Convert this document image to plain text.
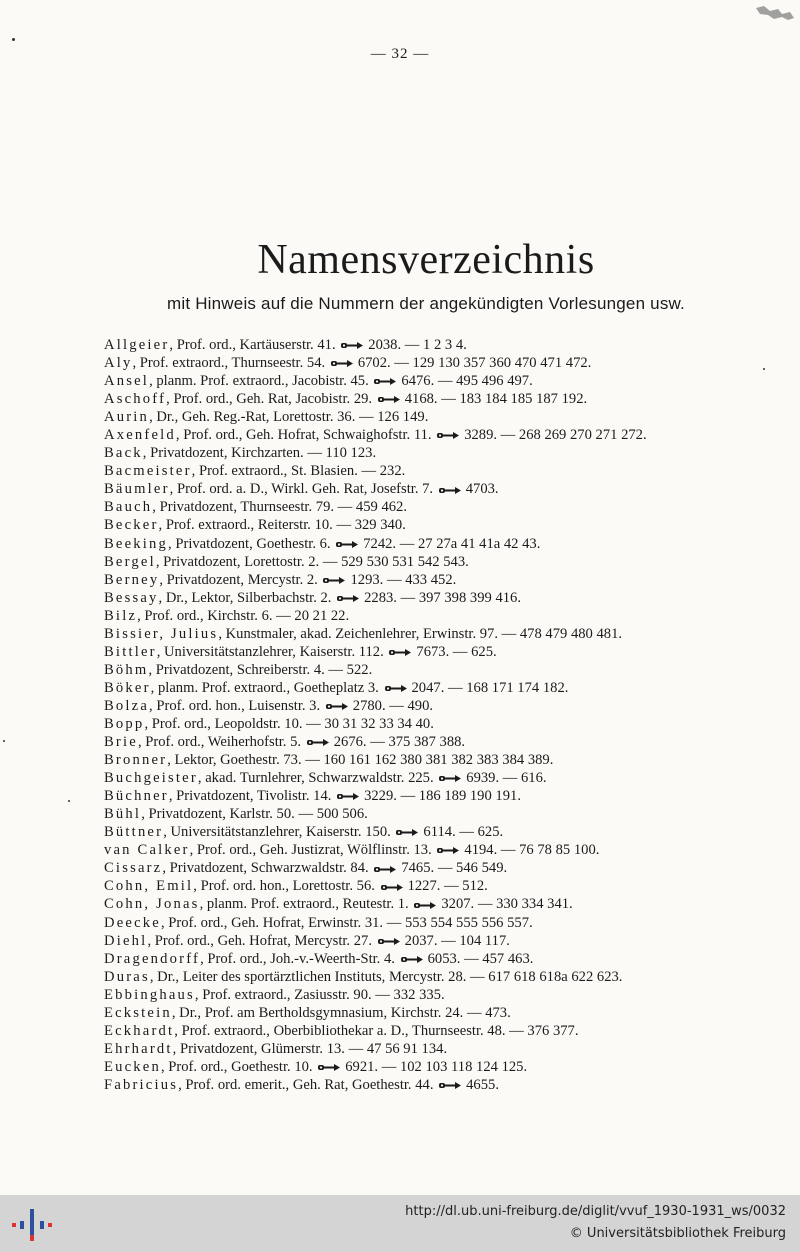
— 32 —
Namensverzeichnis
mit Hinweis auf die Nummern der angekündigten Vorlesungen usw.
Allgeier, Prof. ord., Kartäuserstr. 41. 2038. — 1 2 3 4.
Aly, Prof. extraord., Thurnseestr. 54. 6702. — 129 130 357 360 470 471 472.
Ansel, planm. Prof. extraord., Jacobistr. 45. 6476. — 495 496 497.
Aschoff, Prof. ord., Geh. Rat, Jacobistr. 29. 4168. — 183 184 185 187 192.
Aurin, Dr., Geh. Reg.-Rat, Lorettostr. 36. — 126 149.
Axenfeld, Prof. ord., Geh. Hofrat, Schwaighofstr. 11. 3289. — 268 269 270 271 272.
Back, Privatdozent, Kirchzarten. — 110 123.
Bacmeister, Prof. extraord., St. Blasien. — 232.
Bäumler, Prof. ord. a. D., Wirkl. Geh. Rat, Josefstr. 7. 4703.
Bauch, Privatdozent, Thurnseestr. 79. — 459 462.
Becker, Prof. extraord., Reiterstr. 10. — 329 340.
Beeking, Privatdozent, Goethestr. 6. 7242. — 27 27a 41 41a 42 43.
Bergel, Privatdozent, Lorettostr. 2. — 529 530 531 542 543.
Berney, Privatdozent, Mercystr. 2. 1293. — 433 452.
Bessay, Dr., Lektor, Silberbachstr. 2. 2283. — 397 398 399 416.
Bilz, Prof. ord., Kirchstr. 6. — 20 21 22.
Bissier, Julius, Kunstmaler, akad. Zeichenlehrer, Erwinstr. 97. — 478 479 480 481.
Bittler, Universitätstanzlehrer, Kaiserstr. 112. 7673. — 625.
Böhm, Privatdozent, Schreiberstr. 4. — 522.
Böker, planm. Prof. extraord., Goetheplatz 3. 2047. — 168 171 174 182.
Bolza, Prof. ord. hon., Luisenstr. 3. 2780. — 490.
Bopp, Prof. ord., Leopoldstr. 10. — 30 31 32 33 34 40.
Brie, Prof. ord., Weiherhofstr. 5. 2676. — 375 387 388.
Bronner, Lektor, Goethestr. 73. — 160 161 162 380 381 382 383 384 389.
Buchgeister, akad. Turnlehrer, Schwarzwaldstr. 225. 6939. — 616.
Büchner, Privatdozent, Tivolistr. 14. 3229. — 186 189 190 191.
Bühl, Privatdozent, Karlstr. 50. — 500 506.
Büttner, Universitätstanzlehrer, Kaiserstr. 150. 6114. — 625.
van Calker, Prof. ord., Geh. Justizrat, Wölflinstr. 13. 4194. — 76 78 85 100.
Cissarz, Privatdozent, Schwarzwaldstr. 84. 7465. — 546 549.
Cohn, Emil, Prof. ord. hon., Lorettostr. 56. 1227. — 512.
Cohn, Jonas, planm. Prof. extraord., Reutestr. 1. 3207. — 330 334 341.
Deecke, Prof. ord., Geh. Hofrat, Erwinstr. 31. — 553 554 555 556 557.
Diehl, Prof. ord., Geh. Hofrat, Mercystr. 27. 2037. — 104 117.
Dragendorff, Prof. ord., Joh.-v.-Weerth-Str. 4. 6053. — 457 463.
Duras, Dr., Leiter des sportärztlichen Instituts, Mercystr. 28. — 617 618 618a 622 623.
Ebbinghaus, Prof. extraord., Zasiusstr. 90. — 332 335.
Eckstein, Dr., Prof. am Bertholdsgymnasium, Kirchstr. 24. — 473.
Eckhardt, Prof. extraord., Oberbibliothekar a. D., Thurnseestr. 48. — 376 377.
Ehrhardt, Privatdozent, Glümerstr. 13. — 47 56 91 134.
Eucken, Prof. ord., Goethestr. 10. 6921. — 102 103 118 124 125.
Fabricius, Prof. ord. emerit., Geh. Rat, Goethestr. 44. 4655.
http://dl.ub.uni-freiburg.de/diglit/vvuf_1930-1931_ws/0032
© Universitätsbibliothek Freiburg
